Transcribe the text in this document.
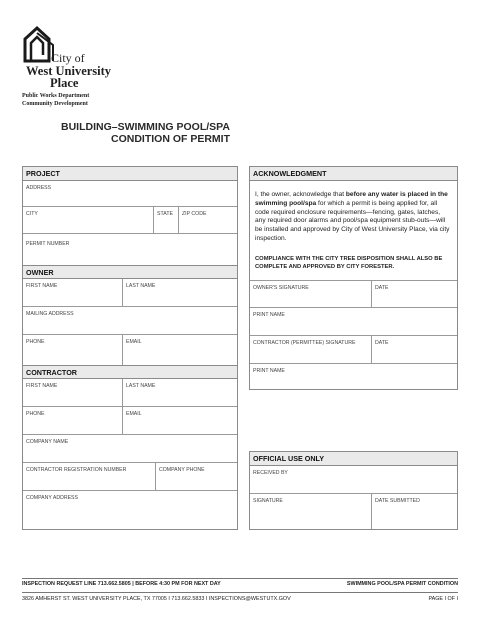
City of
West University
Place
Public Works Department
Community Development
BUILDING–SWIMMING POOL/SPA
CONDITION OF PERMIT
PROJECT
ADDRESS
CITY	STATE ZIP CODE
PERMIT NUMBER
OWNER
FIRST NAME	LAST NAME
MAILING ADDRESS
PHONE	EMAIL
CONTRACTOR
FIRST NAME	LAST NAME
PHONE	EMAIL
COMPANY NAME
CONTRACTOR REGISTRATION NUMBER	COMPANY PHONE
COMPANY ADDRESS
ACKNOWLEDGMENT
I, the owner, acknowledge that before any water is placed in the swimming pool/spa for which a permit is being applied for, all code required enclosure requirements—fencing, gates, latches, any required door alarms and pool/spa equipment stub-outs—will be installed and approved by City of West University Place, via city inspection.
COMPLIANCE WITH THE CITY TREE DISPOSITION SHALL ALSO BE COMPLETE AND APPROVED BY CITY FORESTER.
OWNER'S SIGNATURE	DATE
PRINT NAME
CONTRACTOR (PERMITTEE) SIGNATURE	DATE
PRINT NAME
OFFICIAL USE ONLY
RECEIVED BY
SIGNATURE	DATE SUBMITTED
INSPECTION REQUEST LINE 713.662.5805 | BEFORE 4:30 PM FOR NEXT DAY	SWIMMING POOL/SPA PERMIT CONDITION
3826 AMHERST ST. WEST UNIVERSITY PLACE, TX 77005 I 713.662.5833 I INSPECTIONS@WESTUTX.GOV	PAGE I OF I
